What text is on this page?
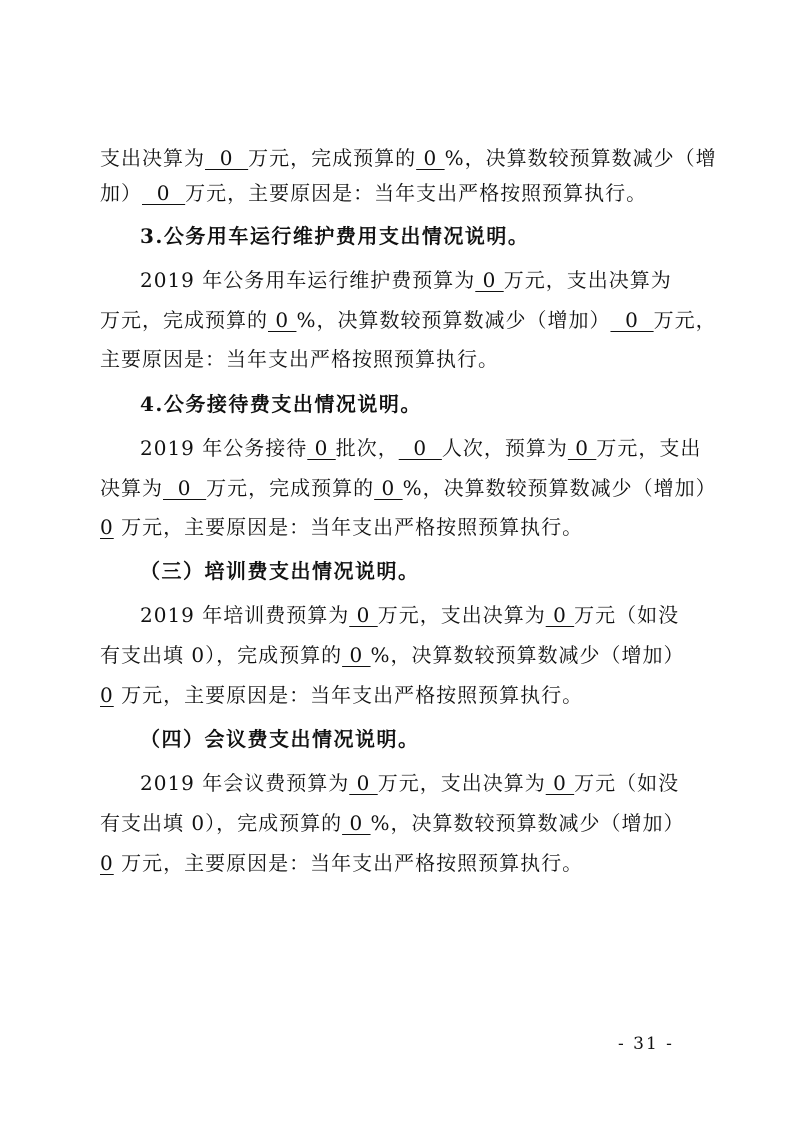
支出决算为  0  万元，完成预算的 0 %，决算数较预算数减少（增
加）  0  万元，主要原因是：当年支出严格按照预算执行。
3.公务用车运行维护费用支出情况说明。
2019 年公务用车运行维护费预算为 0 万元，支出决算为
万元，完成预算的 0 %，决算数较预算数减少（增加）  0  万元，
主要原因是：当年支出严格按照预算执行。
4.公务接待费支出情况说明。
2019 年公务接待 0 批次，  0  人次，预算为 0 万元，支出
决算为  0  万元，完成预算的 0 %，决算数较预算数减少（增加）
0 万元，主要原因是：当年支出严格按照预算执行。
（三）培训费支出情况说明。
2019 年培训费预算为 0 万元，支出决算为 0 万元（如没
有支出填 0），完成预算的 0 %，决算数较预算数减少（增加）
0 万元，主要原因是：当年支出严格按照预算执行。
（四）会议费支出情况说明。
2019 年会议费预算为 0 万元，支出决算为 0 万元（如没
有支出填 0），完成预算的 0 %，决算数较预算数减少（增加）
0 万元，主要原因是：当年支出严格按照预算执行。
- 31 -
